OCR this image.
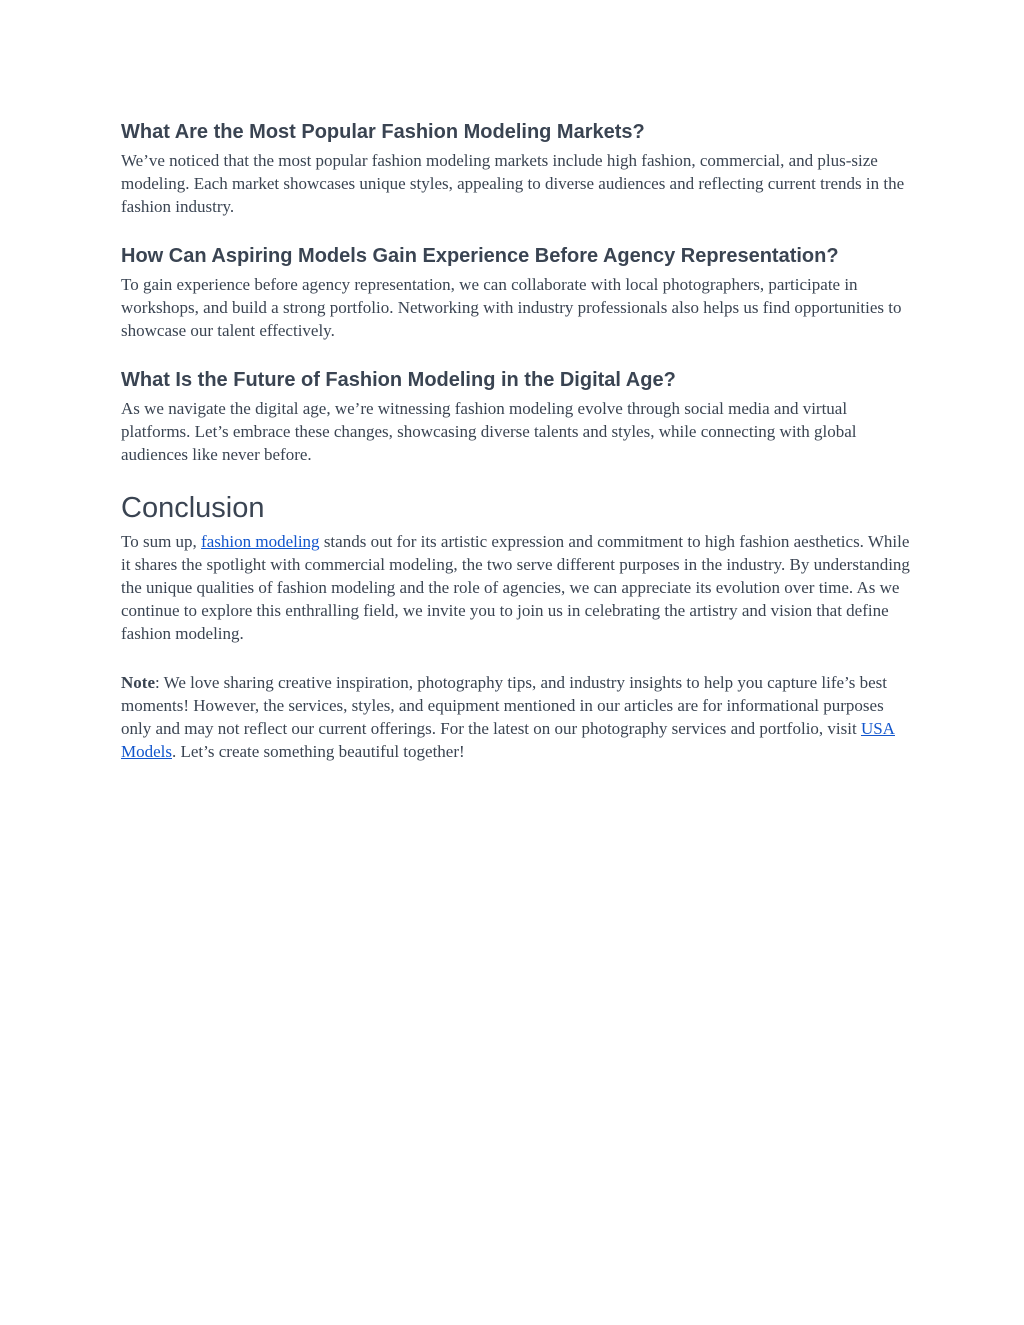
What Are the Most Popular Fashion Modeling Markets?

We’ve noticed that the most popular fashion modeling markets include high fashion, commercial, and plus-size modeling. Each market showcases unique styles, appealing to diverse audiences and reflecting current trends in the fashion industry.

How Can Aspiring Models Gain Experience Before Agency Representation?

To gain experience before agency representation, we can collaborate with local photographers, participate in workshops, and build a strong portfolio. Networking with industry professionals also helps us find opportunities to showcase our talent effectively.

What Is the Future of Fashion Modeling in the Digital Age?

As we navigate the digital age, we’re witnessing fashion modeling evolve through social media and virtual platforms. Let’s embrace these changes, showcasing diverse talents and styles, while connecting with global audiences like never before.

Conclusion

To sum up, fashion modeling stands out for its artistic expression and commitment to high fashion aesthetics. While it shares the spotlight with commercial modeling, the two serve different purposes in the industry. By understanding the unique qualities of fashion modeling and the role of agencies, we can appreciate its evolution over time. As we continue to explore this enthralling field, we invite you to join us in celebrating the artistry and vision that define fashion modeling.

Note: We love sharing creative inspiration, photography tips, and industry insights to help you capture life’s best moments! However, the services, styles, and equipment mentioned in our articles are for informational purposes only and may not reflect our current offerings. For the latest on our photography services and portfolio, visit USA Models. Let’s create something beautiful together!
